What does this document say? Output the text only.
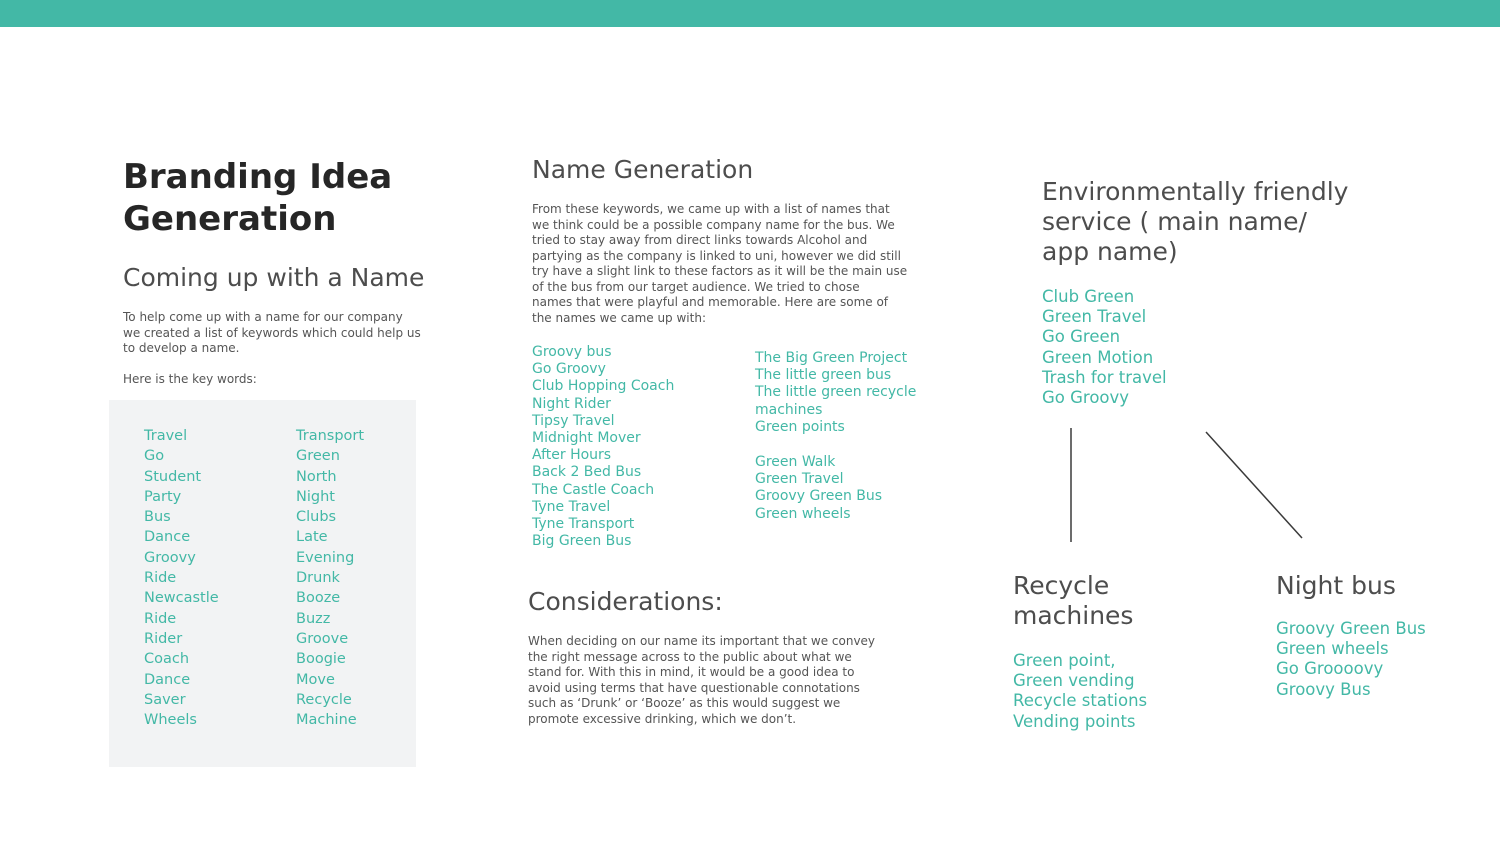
Branding Idea
Generation
Coming up with a Name
To help come up with a name for our company
we created a list of keywords which could help us
to develop a name.
Here is the key words:
Travel
Go
Student
Party
Bus
Dance
Groovy
Ride
Newcastle
Ride
Rider
Coach
Dance
Saver
Wheels
Transport
Green
North
Night
Clubs
Late
Evening
Drunk
Booze
Buzz
Groove
Boogie
Move
Recycle
Machine
Name Generation
From these keywords, we came up with a list of names that
we think could be a possible company name for the bus. We
tried to stay away from direct links towards Alcohol and
partying as the company is linked to uni, however we did still
try have a slight link to these factors as it will be the main use
of the bus from our target audience. We tried to chose
names that were playful and memorable. Here are some of
the names we came up with:
Groovy bus
Go Groovy
Club Hopping Coach
Night Rider
Tipsy Travel
Midnight Mover
After Hours
Back 2 Bed Bus
The Castle Coach
Tyne Travel
Tyne Transport
Big Green Bus
The Big Green Project
The little green bus
The little green recycle
machines
Green points
Green Walk
Green Travel
Groovy Green Bus
Green wheels
Considerations:
When deciding on our name its important that we convey
the right message across to the public about what we
stand for. With this in mind, it would be a good idea to
avoid using terms that have questionable connotations
such as ‘Drunk’ or ‘Booze’ as this would suggest we
promote excessive drinking, which we don’t.
Environmentally friendly
service ( main name/
app name)
Club Green
Green Travel
Go Green
Green Motion
Trash for travel
Go Groovy
Recycle
machines
Green point,
Green vending
Recycle stations
Vending points
Night bus
Groovy Green Bus
Green wheels
Go Groooovy
Groovy Bus
